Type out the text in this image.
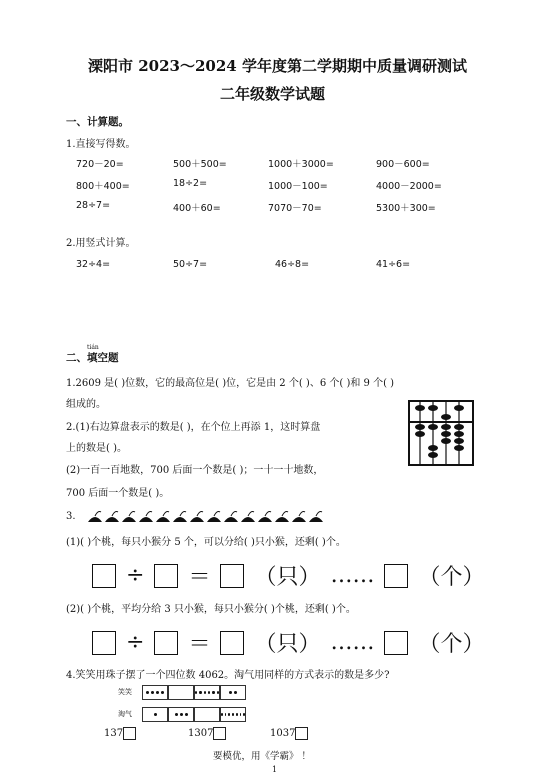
溧阳市 2023～2024 学年度第二学期期中质量调研测试
二年级数学试题
一、计算题。
1.直接写得数。
720－20=	500＋500=	1000＋3000=	900－600=
800＋400=	18÷2=	1000－100=	4000－2000=
28÷7=	400＋60=	7070－70=	5300＋300=
2.用竖式计算。
32÷4=	50÷7=	46÷8=	41÷6=
tián
二、填空题
1.2609 是( )位数，它的最高位是( )位，它是由 2 个( )、6 个( )和 9 个( )
组成的。
2.(1)右边算盘表示的数是( )，在个位上再添 1，这时算盘
上的数是( )。
(2)一百一百地数，700 后面一个数是( )；一十一十地数，
700 后面一个数是( )。
3.
(1)( )个桃，每只小猴分 5 个，可以分给( )只小猴，还剩( )个。
÷ ＝ （只） …… （个）
(2)( )个桃，平均分给 3 只小猴，每只小猴分( )个桃，还剩( )个。
÷ ＝ （只） …… （个）
4.笑笑用珠子摆了一个四位数 4062。淘气用同样的方式表示的数是多少?
笑笑
淘气
137	1307	1037
要模优，用《学霸》 ！
1
